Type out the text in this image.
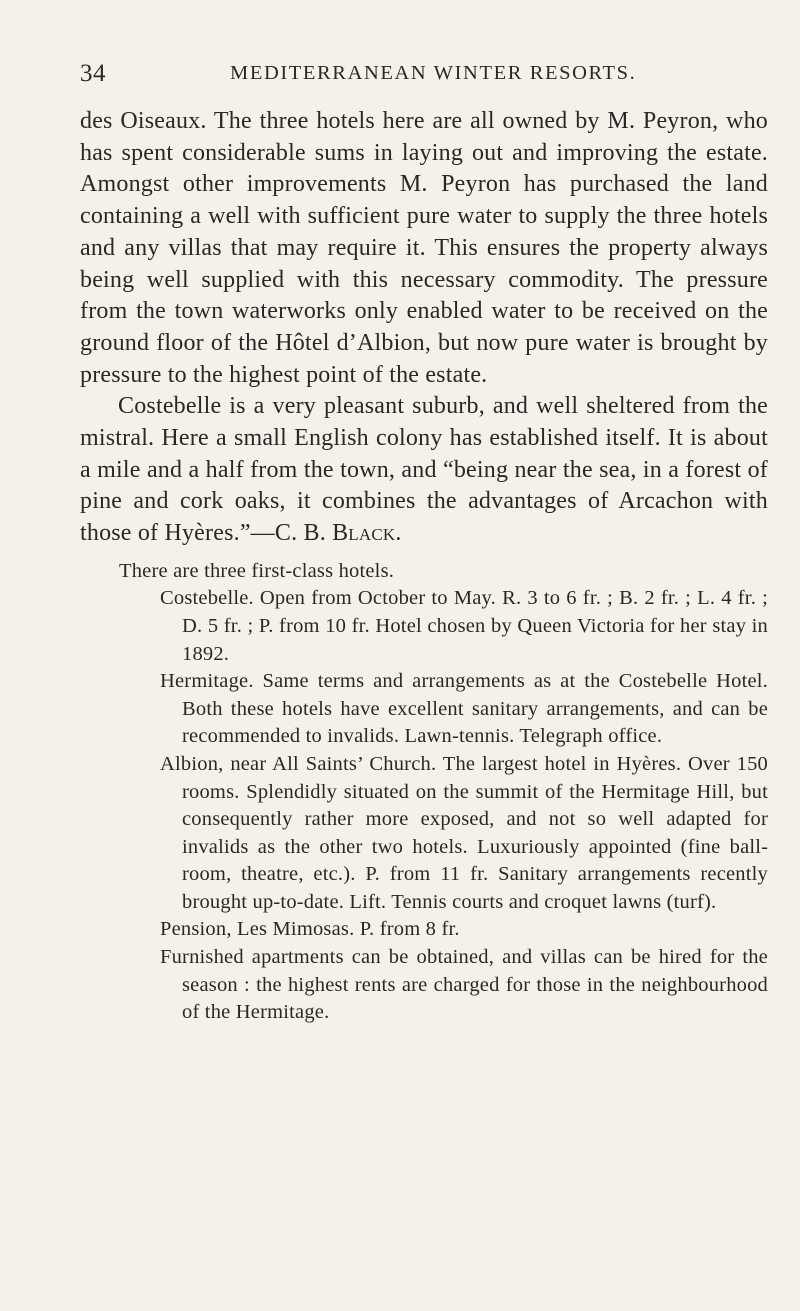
34	MEDITERRANEAN WINTER RESORTS.

des Oiseaux. The three hotels here are all owned by M. Peyron, who has spent considerable sums in laying out and improving the estate. Amongst other improvements M. Peyron has purchased the land containing a well with sufficient pure water to supply the three hotels and any villas that may require it. This ensures the property always being well supplied with this necessary commodity. The pressure from the town waterworks only enabled water to be received on the ground floor of the Hôtel d’Albion, but now pure water is brought by pressure to the highest point of the estate.

Costebelle is a very pleasant suburb, and well sheltered from the mistral. Here a small English colony has established itself. It is about a mile and a half from the town, and “being near the sea, in a forest of pine and cork oaks, it combines the advantages of Arcachon with those of Hyères.”—C. B. Black.

There are three first-class hotels.

Costebelle. Open from October to May. R. 3 to 6 fr. ; B. 2 fr. ; L. 4 fr. ; D. 5 fr. ; P. from 10 fr. Hotel chosen by Queen Victoria for her stay in 1892.

Hermitage. Same terms and arrangements as at the Costebelle Hotel. Both these hotels have excellent sanitary arrangements, and can be recommended to invalids. Lawn-tennis. Telegraph office.

Albion, near All Saints’ Church. The largest hotel in Hyères. Over 150 rooms. Splendidly situated on the summit of the Hermitage Hill, but consequently rather more exposed, and not so well adapted for invalids as the other two hotels. Luxuriously appointed (fine ballroom, theatre, etc.). P. from 11 fr. Sanitary arrangements recently brought up-to-date. Lift. Tennis courts and croquet lawns (turf).

Pension, Les Mimosas. P. from 8 fr.

Furnished apartments can be obtained, and villas can be hired for the season : the highest rents are charged for those in the neighbourhood of the Hermitage.
